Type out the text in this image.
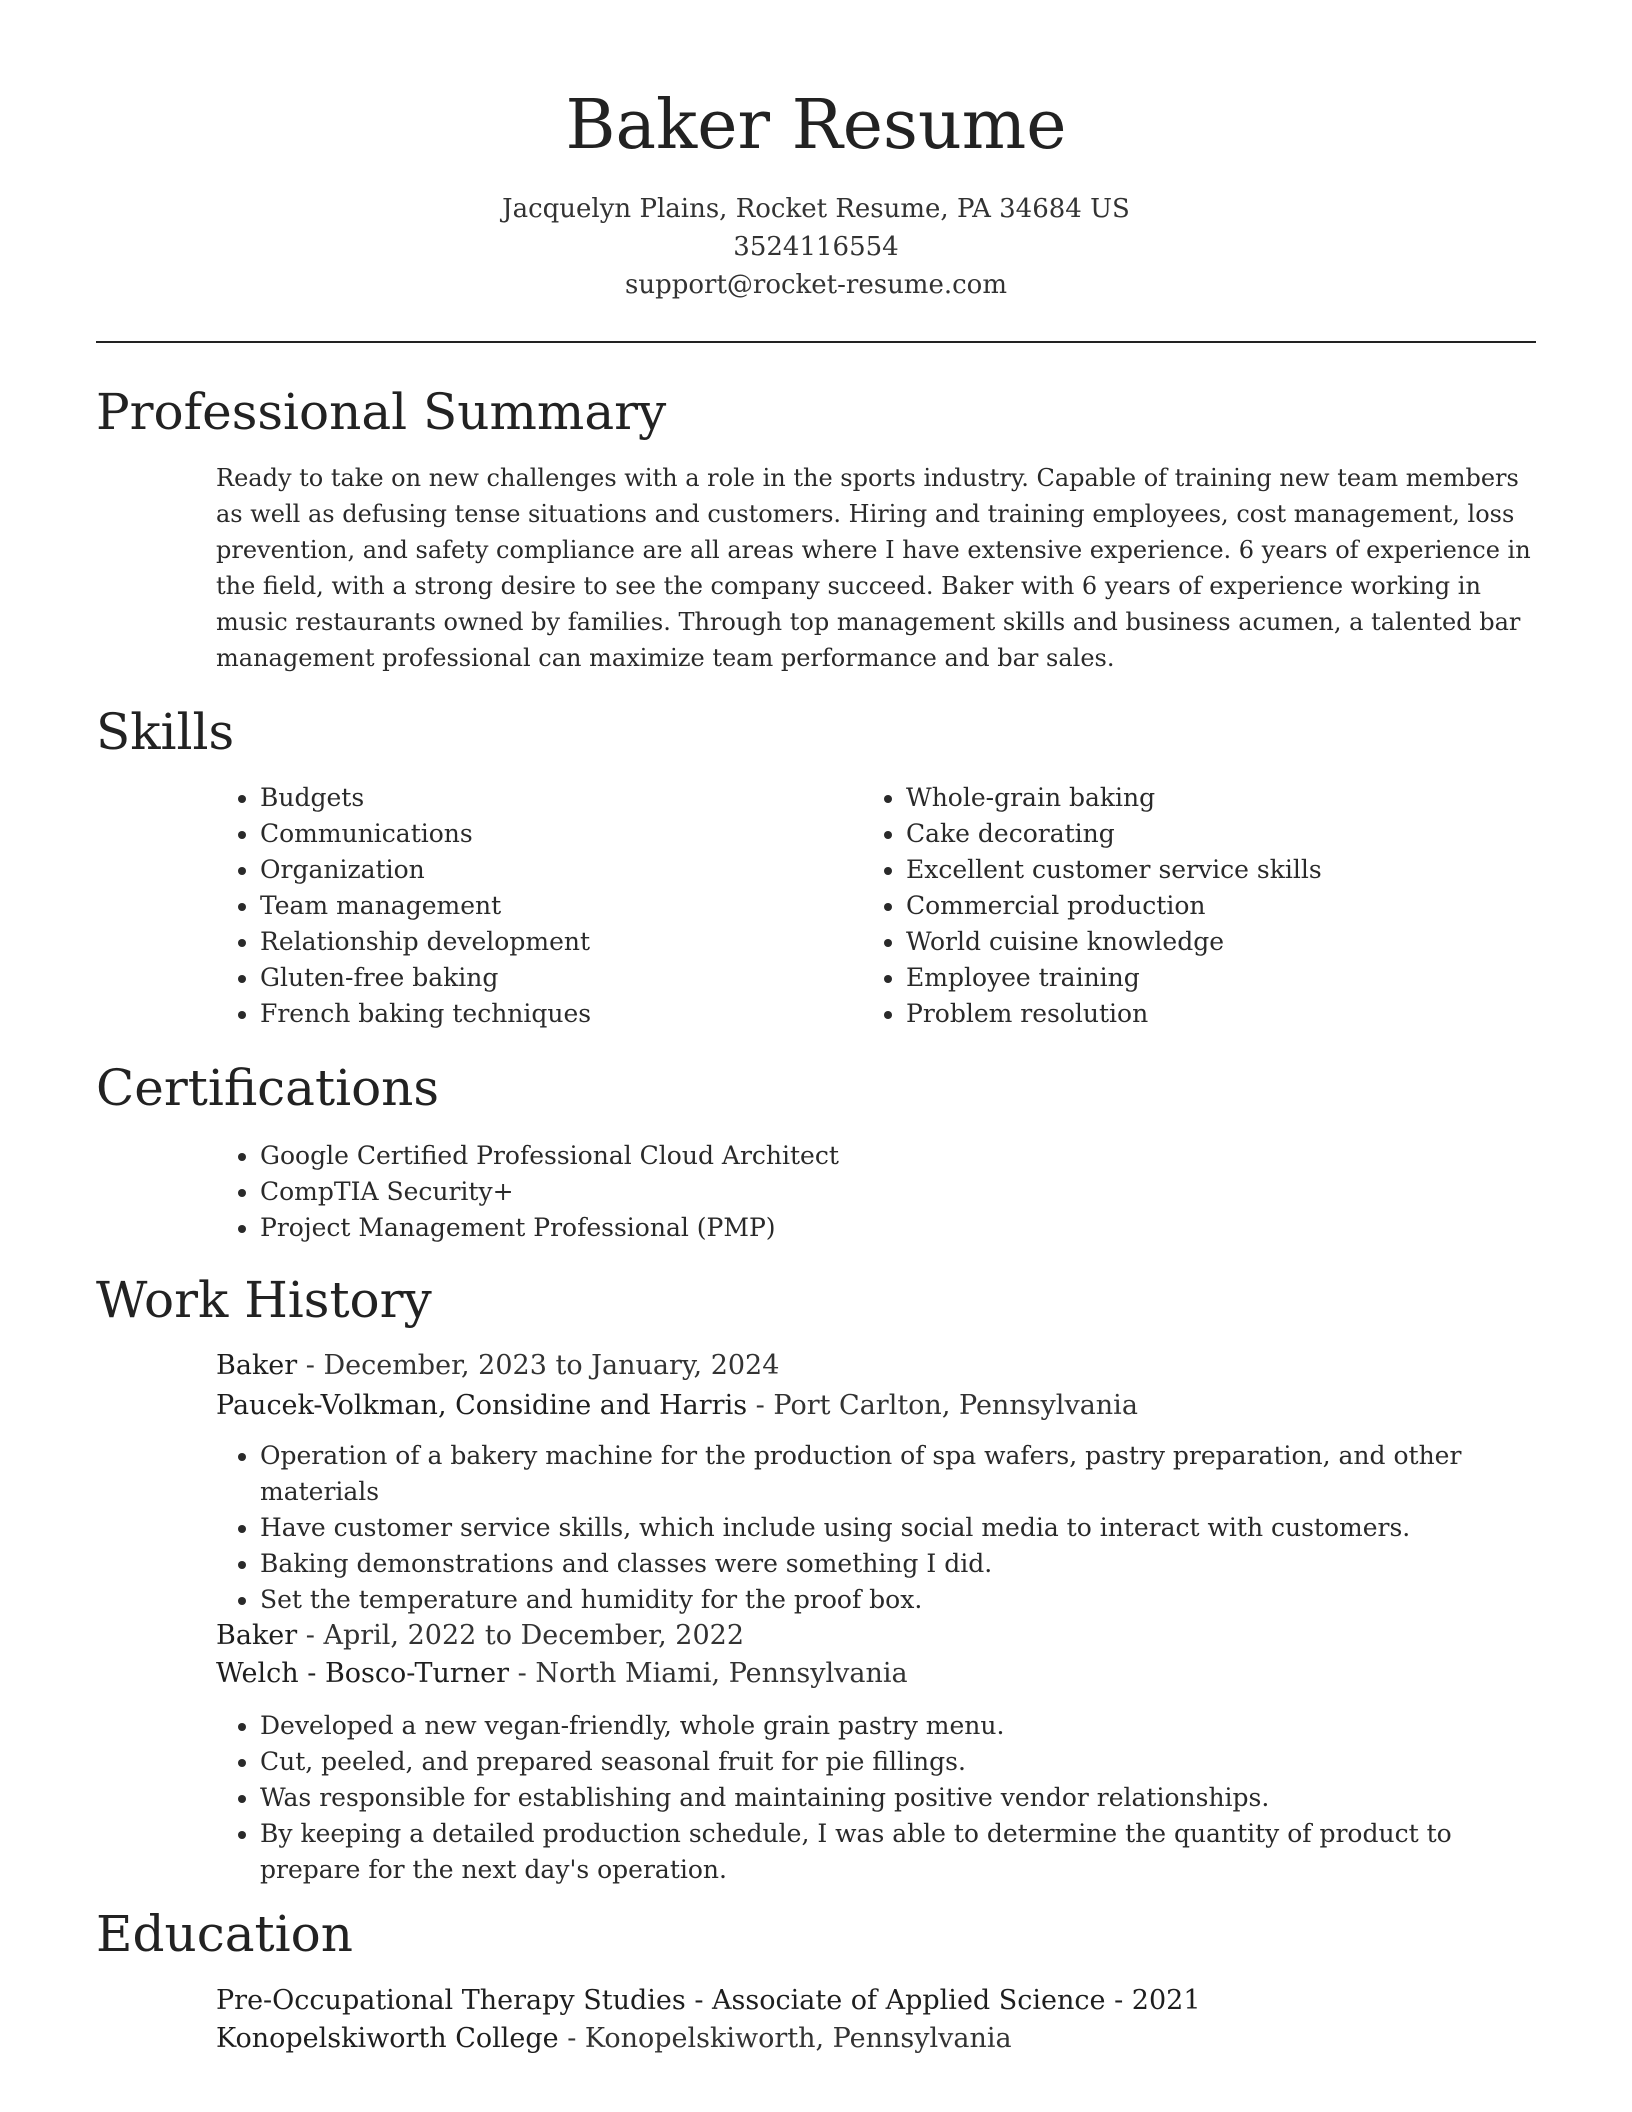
Baker Resume
Jacquelyn Plains, Rocket Resume, PA 34684 US
3524116554
support@rocket-resume.com
Professional Summary

Ready to take on new challenges with a role in the sports industry. Capable of training new team members as well as defusing tense situations and customers. Hiring and training employees, cost management, loss prevention, and safety compliance are all areas where I have extensive experience. 6 years of experience in the field, with a strong desire to see the company succeed. Baker with 6 years of experience working in music restaurants owned by families. Through top management skills and business acumen, a talented bar management professional can maximize team performance and bar sales.

Skills
• Budgets
• Communications
• Organization
• Team management
• Relationship development
• Gluten-free baking
• French baking techniques
• Whole-grain baking
• Cake decorating
• Excellent customer service skills
• Commercial production
• World cuisine knowledge
• Employee training
• Problem resolution
Certifications
• Google Certified Professional Cloud Architect
• CompTIA Security+
• Project Management Professional (PMP)
Work History
Baker - December, 2023 to January, 2024
Paucek-Volkman, Considine and Harris - Port Carlton, Pennsylvania
• Operation of a bakery machine for the production of spa wafers, pastry preparation, and other materials
• Have customer service skills, which include using social media to interact with customers.
• Baking demonstrations and classes were something I did.
• Set the temperature and humidity for the proof box.
Baker - April, 2022 to December, 2022
Welch - Bosco-Turner - North Miami, Pennsylvania
• Developed a new vegan-friendly, whole grain pastry menu.
• Cut, peeled, and prepared seasonal fruit for pie fillings.
• Was responsible for establishing and maintaining positive vendor relationships.
• By keeping a detailed production schedule, I was able to determine the quantity of product to prepare for the next day's operation.
Education
Pre-Occupational Therapy Studies - Associate of Applied Science - 2021
Konopelskiworth College - Konopelskiworth, Pennsylvania
